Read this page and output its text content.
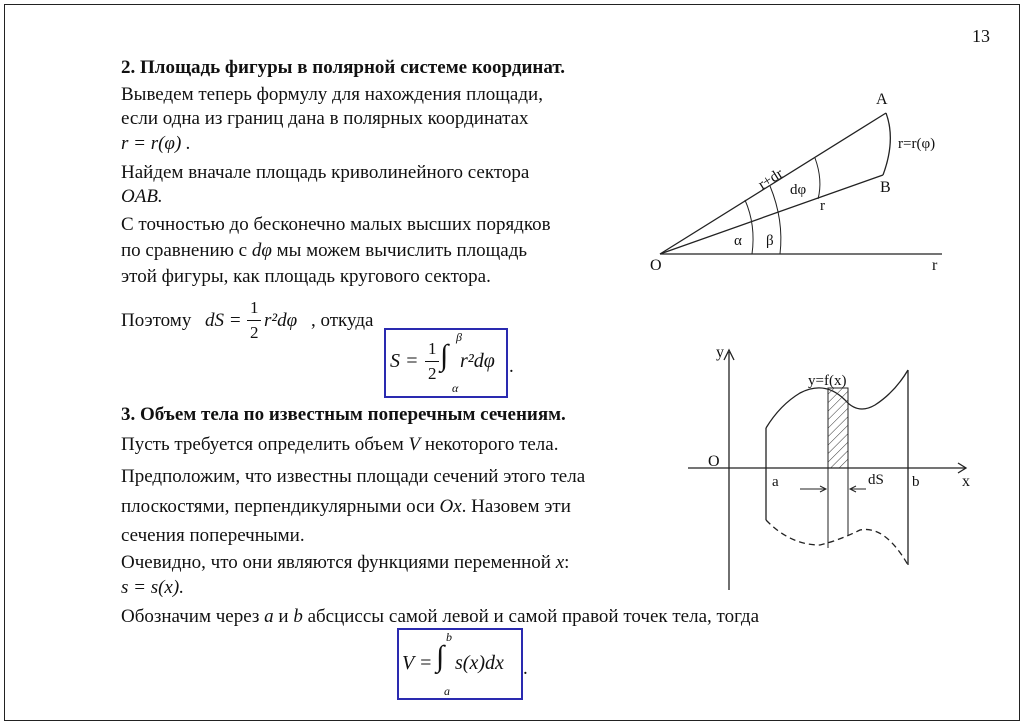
13
2. Площадь фигуры в полярной системе координат.
Выведем теперь формулу для нахождения площади,
если одна из границ дана в полярных координатах
r = r(φ) .
Найдем вначале площадь криволинейного сектора
OAB.
С точностью до бесконечно малых высших порядков
по сравнению с dφ мы можем вычислить площадь
этой фигуры, как площадь кругового сектора.
Поэтому dS =
1
2
r²dφ , откуда
S =
1
2
∫
β
α
r²dφ .
3. Объем тела по известным поперечным сечениям.
Пусть требуется определить объем V некоторого тела.
Предположим, что известны площади сечений этого тела
плоскостями, перпендикулярными оси Ox. Назовем эти
сечения поперечными.
Очевидно, что они являются функциями переменной x:
s = s(x).
Обозначим через a и b абсциссы самой левой и самой правой точек тела, тогда
V = ∫
b
a
s(x)dx .
O
A
B
r
r=r(φ)
r+dr dφ
r
α β
y
x
O
y=f(x)
a	b
dS
